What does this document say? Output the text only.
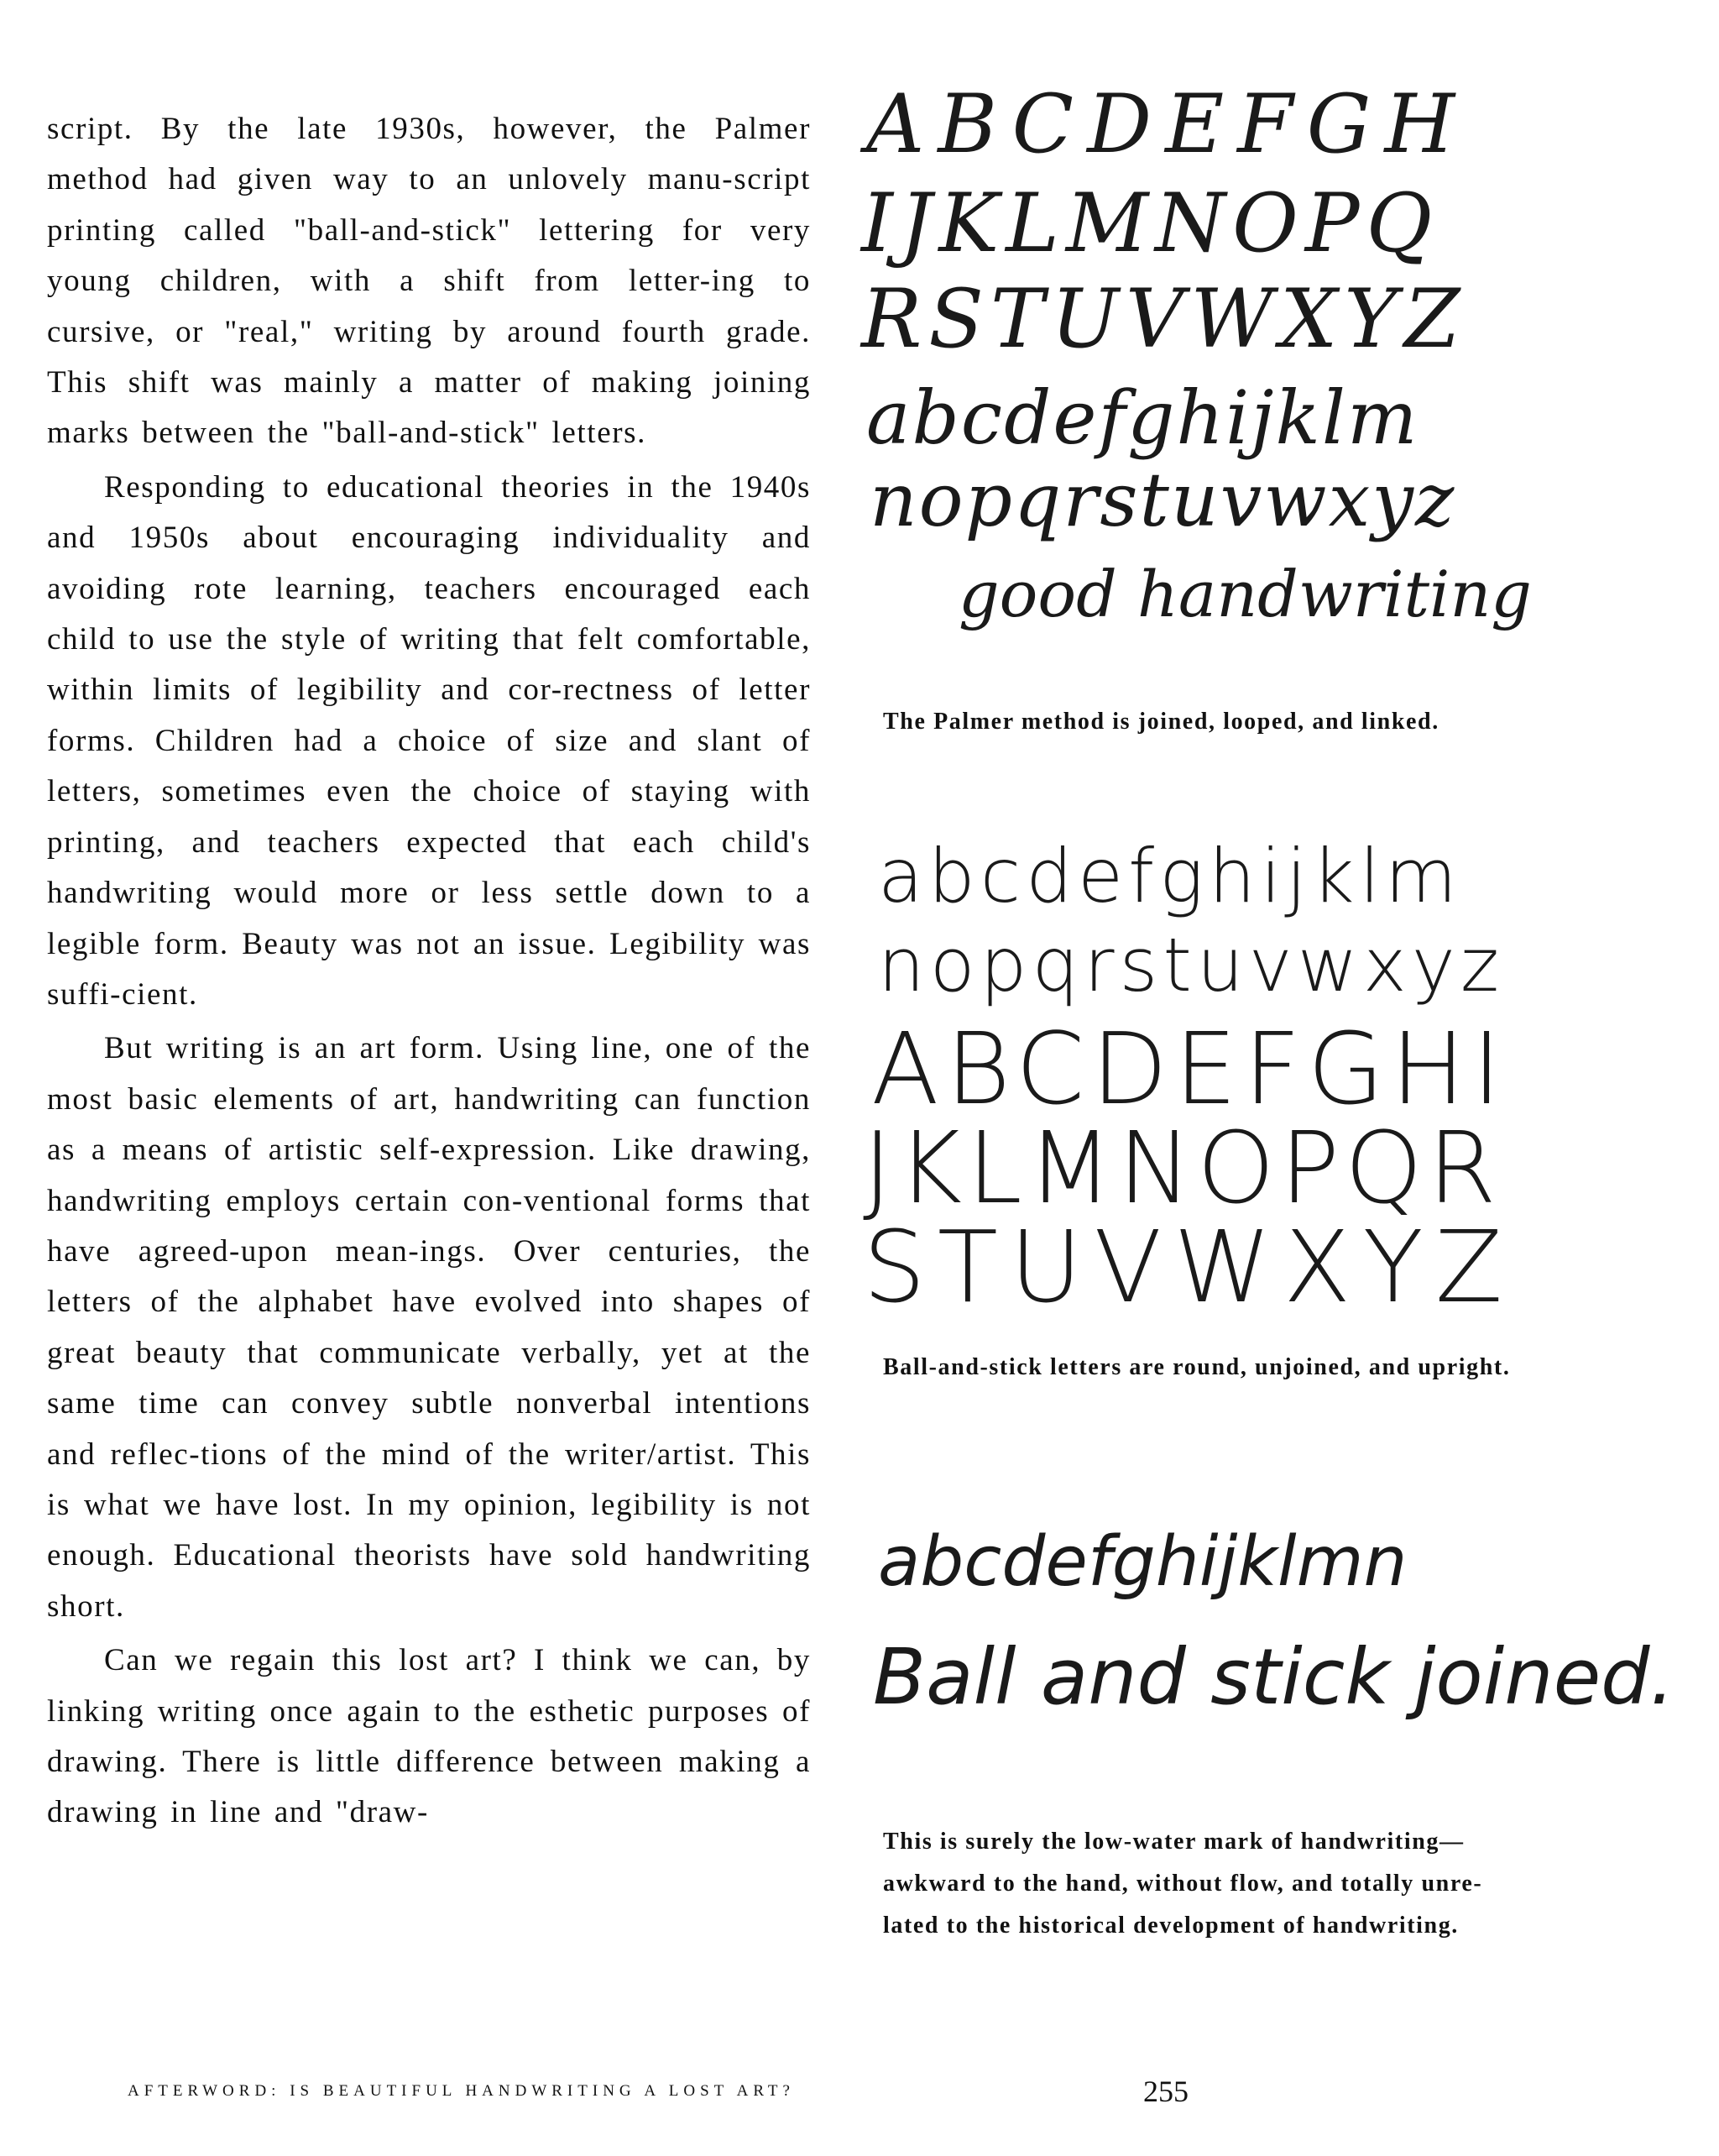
script. By the late 1930s, however, the Palmer method had given way to an unlovely manu-script printing called "ball-and-stick" lettering for very young children, with a shift from letter-ing to cursive, or "real," writing by around fourth grade. This shift was mainly a matter of making joining marks between the "ball-and-stick" letters.

Responding to educational theories in the 1940s and 1950s about encouraging individuality and avoiding rote learning, teachers encouraged each child to use the style of writing that felt comfortable, within limits of legibility and cor-rectness of letter forms. Children had a choice of size and slant of letters, sometimes even the choice of staying with printing, and teachers expected that each child's handwriting would more or less settle down to a legible form. Beauty was not an issue. Legibility was suffi-cient.

But writing is an art form. Using line, one of the most basic elements of art, handwriting can function as a means of artistic self-expression. Like drawing, handwriting employs certain con-ventional forms that have agreed-upon mean-ings. Over centuries, the letters of the alphabet have evolved into shapes of great beauty that communicate verbally, yet at the same time can convey subtle nonverbal intentions and reflec-tions of the mind of the writer/artist. This is what we have lost. In my opinion, legibility is not enough. Educational theorists have sold handwriting short.

Can we regain this lost art? I think we can, by linking writing once again to the esthetic purposes of drawing. There is little difference between making a drawing in line and "draw-

ABCDEFGH
IJKLMNOPQ
RSTUVWXYZ
abcdefghijklm
nopqrstuvwxyz
good handwriting
The Palmer method is joined, looped, and linked.
abcdefghijklm
nopqrstuvwxyz
ABCDEFGHI
JKLMNOPQR
STUVWXYZ
Ball-and-stick letters are round, unjoined, and upright.
abcdefghijklmn
Ball and stick joined.
This is surely the low-water mark of handwriting—
awkward to the hand, without flow, and totally unre-
lated to the historical development of handwriting.
AFTERWORD: IS BEAUTIFUL HANDWRITING A LOST ART?	255
